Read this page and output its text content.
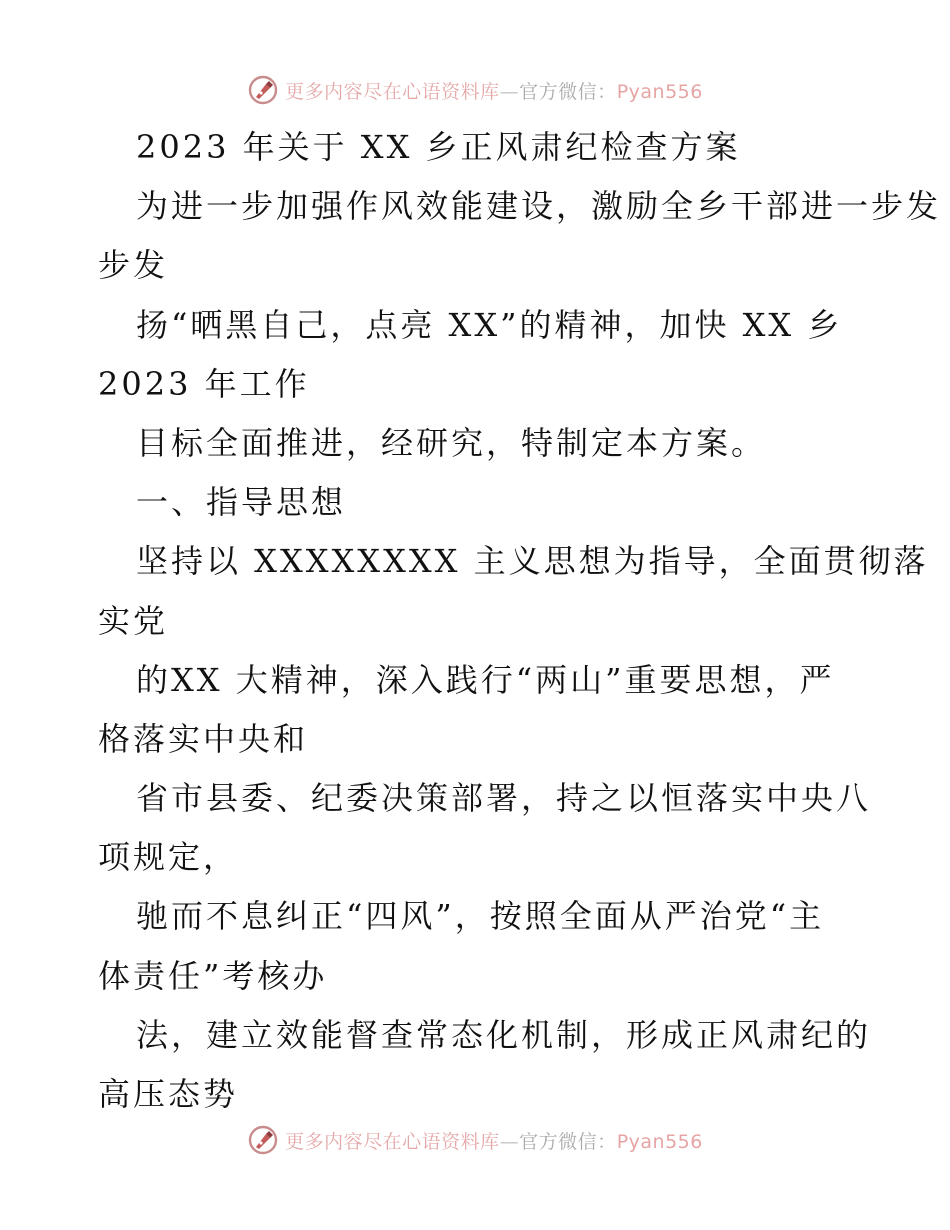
更多内容尽在心语资料库—官方微信：Pyan556
2023 年关于 XX 乡正风肃纪检查方案
为进一步加强作风效能建设，激励全乡干部进一步发
步发
扬“晒黑自己，点亮 XX”的精神，加快 XX 乡
2023 年工作
目标全面推进，经研究，特制定本方案。
一、指导思想
坚持以 XXXXXXXX 主义思想为指导，全面贯彻落
实党
的XX 大精神，深入践行“两山”重要思想，严
格落实中央和
省市县委、纪委决策部署，持之以恒落实中央八
项规定，
驰而不息纠正“四风”，按照全面从严治党“主
体责任”考核办
法，建立效能督查常态化机制，形成正风肃纪的
高压态势
更多内容尽在心语资料库—官方微信：Pyan556
